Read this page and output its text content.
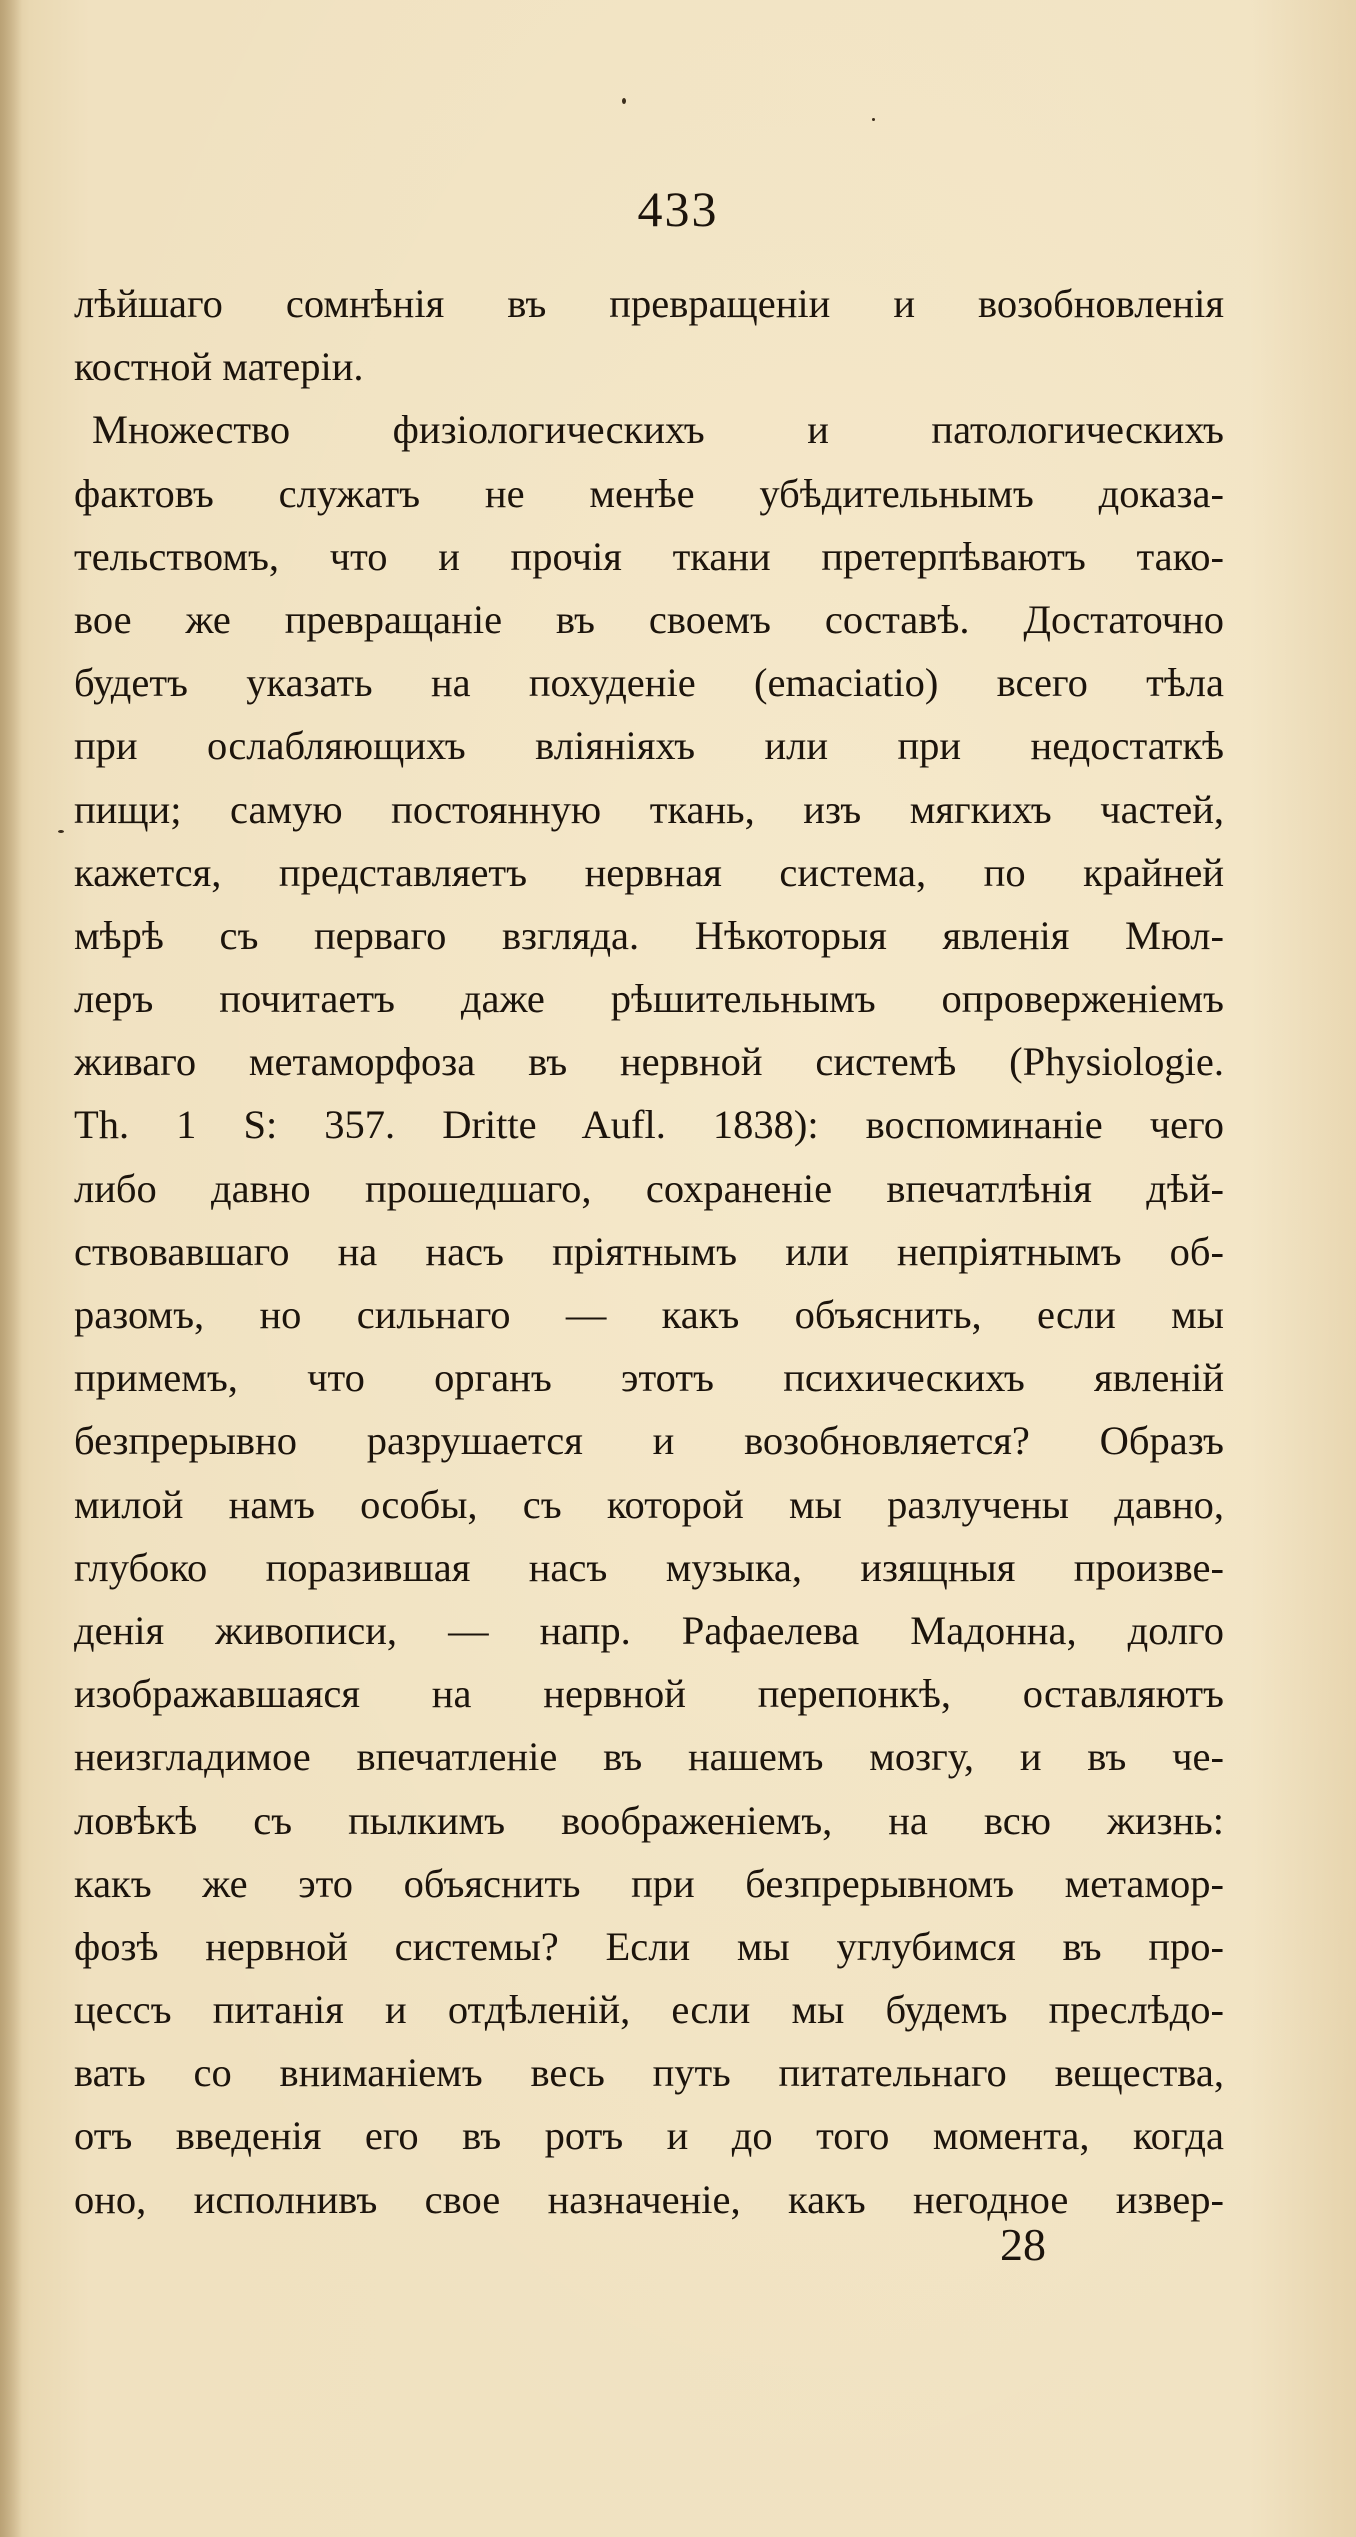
433
лѣйшаго сомнѣнія въ превращеніи и возобновленія
костной матеріи.
Множество физіологическихъ и патологическихъ
фактовъ служатъ не менѣе убѣдительнымъ доказа-
тельствомъ, что и прочія ткани претерпѣваютъ тако-
вое же превращаніе въ своемъ составѣ. Достаточно
будетъ указать на похуденіе (emaciatio) всего тѣла
при ослабляющихъ вліяніяхъ или при недостаткѣ
пищи; самую постоянную ткань, изъ мягкихъ частей,
кажется, представляетъ нервная система, по крайней
мѣрѣ съ перваго взгляда. Нѣкоторыя явленія Мюл-
леръ почитаетъ даже рѣшительнымъ опроверженіемъ
живаго метаморфоза въ нервной системѣ (Physiologie.
Th. 1 S: 357. Dritte Aufl. 1838): воспоминаніе чего
либо давно прошедшаго, сохраненіе впечатлѣнія дѣй-
ствовавшаго на насъ пріятнымъ или непріятнымъ об-
разомъ, но сильнаго — какъ объяснить, если мы
примемъ, что органъ этотъ психическихъ явленій
безпрерывно разрушается и возобновляется? Образъ
милой намъ особы, съ которой мы разлучены давно,
глубоко поразившая насъ музыка, изящныя произве-
денія живописи, — напр. Рафаелева Мадонна, долго
изображавшаяся на нервной перепонкѣ, оставляютъ
неизгладимое впечатленіе въ нашемъ мозгу, и въ че-
ловѣкѣ съ пылкимъ воображеніемъ, на всю жизнь:
какъ же это объяснить при безпрерывномъ метамор-
фозѣ нервной системы? Если мы углубимся въ про-
цессъ питанія и отдѣленій, если мы будемъ преслѣдо-
вать со вниманіемъ весь путь питательнаго вещества,
отъ введенія его въ ротъ и до того момента, когда
оно, исполнивъ свое назначеніе, какъ негодное извер-
28
